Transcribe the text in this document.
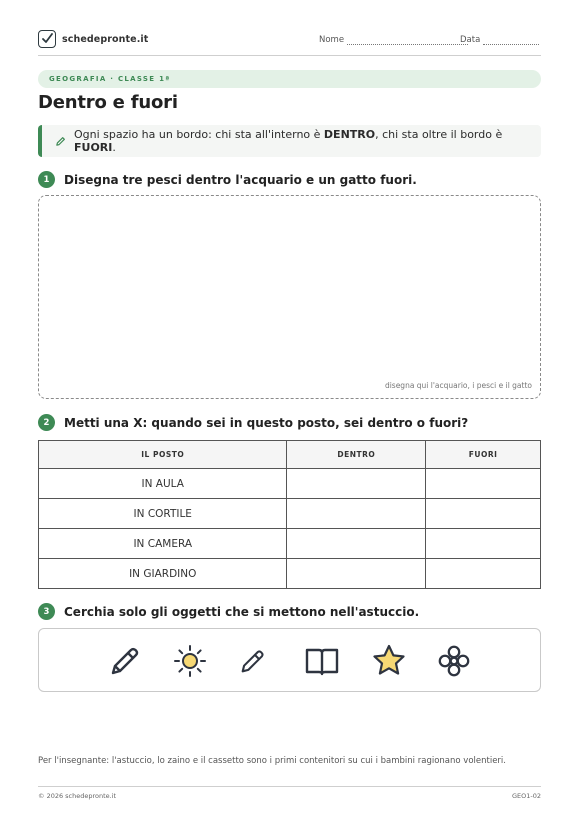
schedepronte.it	Nome	Data
GEOGRAFIA · CLASSE 1ª
Dentro e fuori
Ogni spazio ha un bordo: chi sta all'interno è DENTRO, chi sta oltre il bordo è FUORI.
1	Disegna tre pesci dentro l'acquario e un gatto fuori.
disegna qui l'acquario, i pesci e il gatto
2	Metti una X: quando sei in questo posto, sei dentro o fuori?
IL POSTO	DENTRO	FUORI
IN AULA		
IN CORTILE		
IN CAMERA		
IN GIARDINO		
3	Cerchia solo gli oggetti che si mettono nell'astuccio.
Per l'insegnante: l'astuccio, lo zaino e il cassetto sono i primi contenitori su cui i bambini ragionano volentieri.
© 2026 schedepronte.it	GEO1-02
